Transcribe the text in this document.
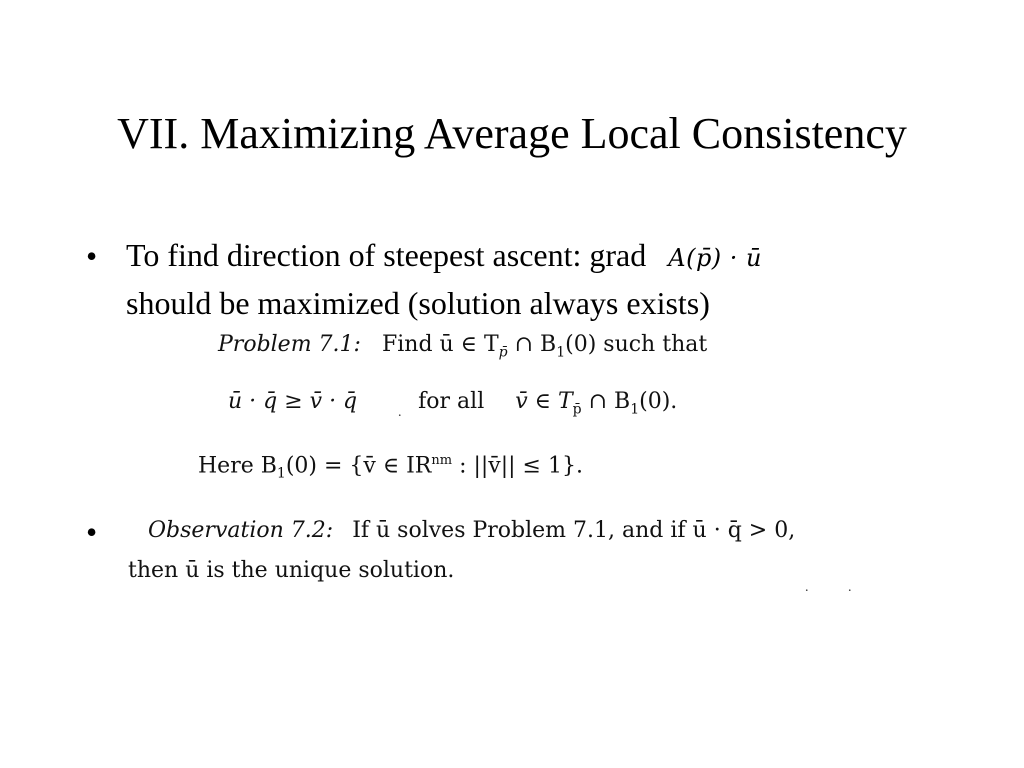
VII. Maximizing Average Local Consistency
• To find direction of steepest ascent: grad A(p̄) · ū
should be maximized (solution always exists)
Problem 7.1: Find ū ∈ $T_{p̄}$ ∩ $B_1(0)$ such that
ū · q̄ ≥ v̄ · q̄	for all v̄ ∈ $T_{p̄}$ ∩ $B_1(0)$.
Here $B_1(0)$ = {v̄ ∈ $IR^{nm}$ : ||v̄|| ≤ 1}.
• Observation 7.2: If ū solves Problem 7.1, and if ū · q̄ > 0,
then ū is the unique solution.
.
.	.
